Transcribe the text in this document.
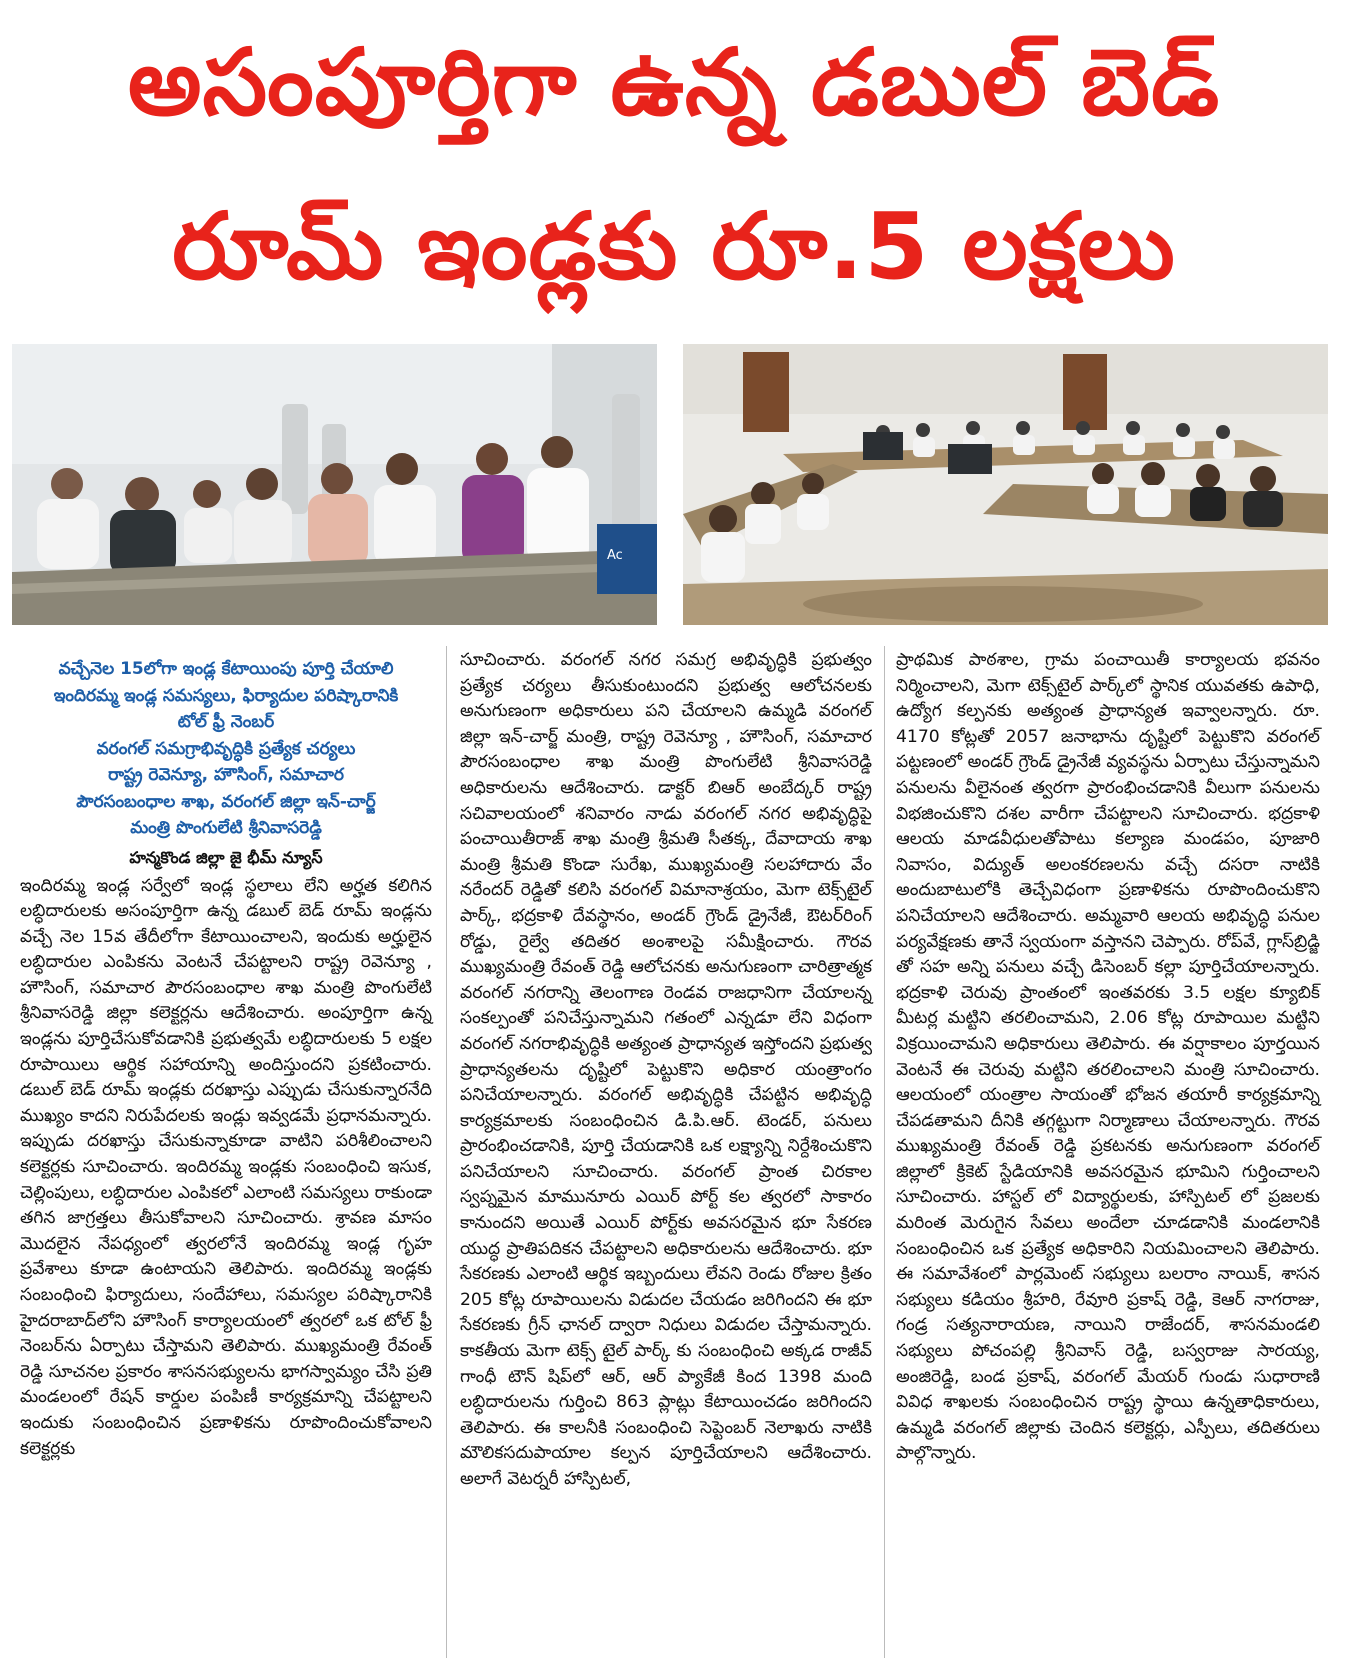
అసంపూర్తిగా ఉన్న డబుల్ బెడ్
రూమ్ ఇండ్లకు రూ.5 లక్షలు
Ac

వచ్చేనెల 15లోగా ఇండ్ల కేటాయింపు పూర్తి చేయాలి

ఇందిరమ్మ ఇండ్ల సమస్యలు, ఫిర్యాదుల పరిష్కారానికి

టోల్ ఫ్రీ నెంబర్

వరంగల్ సమగ్రాభివృద్ధికి ప్రత్యేక చర్యలు

రాష్ట్ర రెవెన్యూ, హౌసింగ్, సమాచార

పౌరసంబంధాల శాఖ, వరంగల్ జిల్లా ఇన్-చార్జ్

మంత్రి పొంగులేటి శ్రీనివాసరెడ్డి

హన్మకొండ జిల్లా జై భీమ్ న్యూస్

ఇందిరమ్మ ఇండ్ల సర్వేలో ఇండ్ల స్థలాలు లేని అర్హత కలిగిన లబ్ధిదారులకు అసంపూర్తిగా ఉన్న డబుల్ బెడ్ రూమ్ ఇండ్లను వచ్చే నెల 15వ తేదీలోగా కేటాయించాలని, ఇందుకు అర్హులైన లబ్ధిదారుల ఎంపికను వెంటనే చేపట్టాలని రాష్ట్ర రెవెన్యూ , హౌసింగ్, సమాచార పౌరసంబంధాల శాఖ మంత్రి పొంగులేటి శ్రీనివాసరెడ్డి జిల్లా కలెక్టర్లను ఆదేశించారు. అంపూర్తిగా ఉన్న ఇండ్లను పూర్తిచేసుకోవడానికి ప్రభుత్వమే లబ్ధిదారులకు 5 లక్షల రూపాయిలు ఆర్థిక సహాయాన్ని అందిస్తుందని ప్రకటించారు. డబుల్ బెడ్ రూమ్ ఇండ్లకు దరఖాస్తు ఎప్పుడు చేసుకున్నారనేది ముఖ్యం కాదని నిరుపేదలకు ఇండ్లు ఇవ్వడమే ప్రధానమన్నారు. ఇప్పుడు దరఖాస్తు చేసుకున్నాకూడా వాటిని పరిశీలించాలని కలెక్టర్లకు సూచించారు. ఇందిరమ్మ ఇండ్లకు సంబంధించి ఇసుక, చెల్లింపులు, లబ్ధిదారుల ఎంపికలో ఎలాంటి సమస్యలు రాకుండా తగిన జాగ్రత్తలు తీసుకోవాలని సూచించారు. శ్రావణ మాసం మొదలైన నేపధ్యంలో త్వరలోనే ఇందిరమ్మ ఇండ్ల గృహ ప్రవేశాలు కూడా ఉంటాయని తెలిపారు. ఇందిరమ్మ ఇండ్లకు సంబంధించి ఫిర్యాదులు, సందేహాలు, సమస్యల పరిష్కారానికి హైదరాబాద్‌లోని హౌసింగ్ కార్యాలయంలో త్వరలో ఒక టోల్ ఫ్రీ నెంబర్‌ను ఏర్పాటు చేస్తామని తెలిపారు. ముఖ్యమంత్రి రేవంత్ రెడ్డి సూచనల ప్రకారం శాసనసభ్యులను భాగస్వామ్యం చేసి ప్రతి మండలంలో రేషన్ కార్డుల పంపిణీ కార్యక్రమాన్ని చేపట్టాలని ఇందుకు సంబంధించిన ప్రణాళికను రూపొందించుకోవాలని కలెక్టర్లకు

సూచించారు. వరంగల్ నగర సమగ్ర అభివృద్ధికి ప్రభుత్వం ప్రత్యేక చర్యలు తీసుకుంటుందని ప్రభుత్వ ఆలోచనలకు అనుగుణంగా అధికారులు పని చేయాలని ఉమ్మడి వరంగల్ జిల్లా ఇన్-చార్జ్ మంత్రి, రాష్ట్ర రెవెన్యూ , హౌసింగ్, సమాచార పౌరసంబంధాల శాఖ మంత్రి పొంగులేటి శ్రీనివాసరెడ్డి అధికారులను ఆదేశించారు. డాక్టర్ బిఆర్ అంబేద్కర్ రాష్ట్ర సచివాలయంలో శనివారం నాడు వరంగల్ నగర అభివృద్ధిపై పంచాయితీరాజ్ శాఖ మంత్రి శ్రీమతి సీతక్క, దేవాదాయ శాఖ మంత్రి శ్రీమతి కొండా సురేఖ, ముఖ్యమంత్రి సలహాదారు వేం నరేందర్ రెడ్డితో కలిసి వరంగల్ విమానాశ్రయం, మెగా టెక్స్‌టైల్ పార్క్, భద్రకాళి దేవస్థానం, అండర్ గ్రౌండ్ డ్రైనేజీ, ఔటర్‌రింగ్ రోడ్డు, రైల్వే తదితర అంశాలపై సమీక్షించారు. గౌరవ ముఖ్యమంత్రి రేవంత్ రెడ్డి ఆలోచనకు అనుగుణంగా చారిత్రాత్మక వరంగల్ నగరాన్ని తెలంగాణ రెండవ రాజధానిగా చేయాలన్న సంకల్పంతో పనిచేస్తున్నామని గతంలో ఎన్నడూ లేని విధంగా వరంగల్ నగరాభివృద్ధికి అత్యంత ప్రాధాన్యత ఇస్తోందని ప్రభుత్వ ప్రాధాన్యతలను దృష్టిలో పెట్టుకొని అధికార యంత్రాంగం పనిచేయాలన్నారు. వరంగల్ అభివృద్ధికి చేపట్టిన అభివృద్ధి కార్యక్రమాలకు సంబంధించిన డి.పి.ఆర్. టెండర్, పనులు ప్రారంభించడానికి, పూర్తి చేయడానికి ఒక లక్ష్యాన్ని నిర్దేశించుకొని పనిచేయాలని సూచించారు. వరంగల్ ప్రాంత చిరకాల స్వప్నమైన మామునూరు ఎయిర్ పోర్ట్ కల త్వరలో సాకారం కానుందని అయితే ఎయిర్ పోర్ట్‌కు అవసరమైన భూ సేకరణ యుద్ధ ప్రాతిపదికన చేపట్టాలని అధికారులను ఆదేశించారు. భూ సేకరణకు ఎలాంటి ఆర్థిక ఇబ్బందులు లేవని రెండు రోజుల క్రితం 205 కోట్ల రూపాయిలను విడుదల చేయడం జరిగిందని ఈ భూ సేకరణకు గ్రీన్ ఛానల్ ద్వారా నిధులు విడుదల చేస్తామన్నారు. కాకతీయ మెగా టెక్స్ టైల్ పార్క్ కు సంబంధించి అక్కడ రాజీవ్ గాంధీ టౌన్ షిప్‌లో ఆర్, ఆర్ ప్యాకేజీ కింద 1398 మంది లబ్ధిదారులను గుర్తించి 863 ప్లాట్లు కేటాయించడం జరిగిందని తెలిపారు. ఈ కాలనీకి సంబంధించి సెప్టెంబర్ నెలాఖరు నాటికి మౌలికసదుపాయాల కల్పన పూర్తిచేయాలని ఆదేశించారు. అలాగే వెటర్నరీ హాస్పిటల్,

ప్రాథమిక పాఠశాల, గ్రామ పంచాయితీ కార్యాలయ భవనం నిర్మించాలని, మెగా టెక్స్‌టైల్ పార్క్‌లో స్థానిక యువతకు ఉపాధి, ఉద్యోగ కల్పనకు అత్యంత ప్రాధాన్యత ఇవ్వాలన్నారు. రూ. 4170 కోట్లతో 2057 జనాభాను దృష్టిలో పెట్టుకొని వరంగల్ పట్టణంలో అండర్ గ్రౌండ్ డ్రైనేజీ వ్యవస్థను ఏర్పాటు చేస్తున్నామని పనులను వీలైనంత త్వరగా ప్రారంభించడానికి వీలుగా పనులను విభజించుకొని దశల వారీగా చేపట్టాలని సూచించారు. భద్రకాళి ఆలయ మాడవీధులతోపాటు కల్యాణ మండపం, పూజారి నివాసం, విద్యుత్ అలంకరణలను వచ్చే దసరా నాటికి అందుబాటులోకి తెచ్చేవిధంగా ప్రణాళికను రూపొందించుకొని పనిచేయాలని ఆదేశించారు. అమ్మవారి ఆలయ అభివృద్ధి పనుల పర్యవేక్షణకు తానే స్వయంగా వస్తానని చెప్పారు. రోప్‌వే, గ్లాస్‌బ్రిడ్జి తో సహ అన్ని పనులు వచ్చే డిసెంబర్ కల్లా పూర్తిచేయాలన్నారు. భద్రకాళి చెరువు ప్రాంతంలో ఇంతవరకు 3.5 లక్షల క్యూబిక్ మీటర్ల మట్టిని తరలించామని, 2.06 కోట్ల రూపాయిల మట్టిని విక్రయించామని అధికారులు తెలిపారు. ఈ వర్షాకాలం పూర్తయిన వెంటనే ఈ చెరువు మట్టిని తరలించాలని మంత్రి సూచించారు. ఆలయంలో యంత్రాల సాయంతో భోజన తయారీ కార్యక్రమాన్ని చేపడతామని దీనికి తగ్గట్టుగా నిర్మాణాలు చేయాలన్నారు. గౌరవ ముఖ్యమంత్రి రేవంత్ రెడ్డి ప్రకటనకు అనుగుణంగా వరంగల్ జిల్లాలో క్రికెట్ స్టేడియానికి అవసరమైన భూమిని గుర్తించాలని సూచించారు. హాస్టల్ లో విద్యార్థులకు, హాస్పిటల్ లో ప్రజలకు మరింత మెరుగైన సేవలు అందేలా చూడడానికి మండలానికి సంబంధించిన ఒక ప్రత్యేక అధికారిని నియమించాలని తెలిపారు. ఈ సమావేశంలో పార్లమెంట్ సభ్యులు బలరాం నాయిక్, శాసన సభ్యులు కడియం శ్రీహరి, రేవూరి ప్రకాష్ రెడ్డి, కెఆర్ నాగరాజు, గండ్ర సత్యనారాయణ, నాయిని రాజేందర్, శాసనమండలి సభ్యులు పోచంపల్లి శ్రీనివాస్ రెడ్డి, బస్వరాజు సారయ్య, అంజిరెడ్డి, బండ ప్రకాష్, వరంగల్ మేయర్ గుండు సుధారాణి వివిధ శాఖలకు సంబంధించిన రాష్ట్ర స్థాయి ఉన్నతాధికారులు, ఉమ్మడి వరంగల్ జిల్లాకు చెందిన కలెక్టర్లు, ఎస్పీలు, తదితరులు పాల్గొన్నారు.
